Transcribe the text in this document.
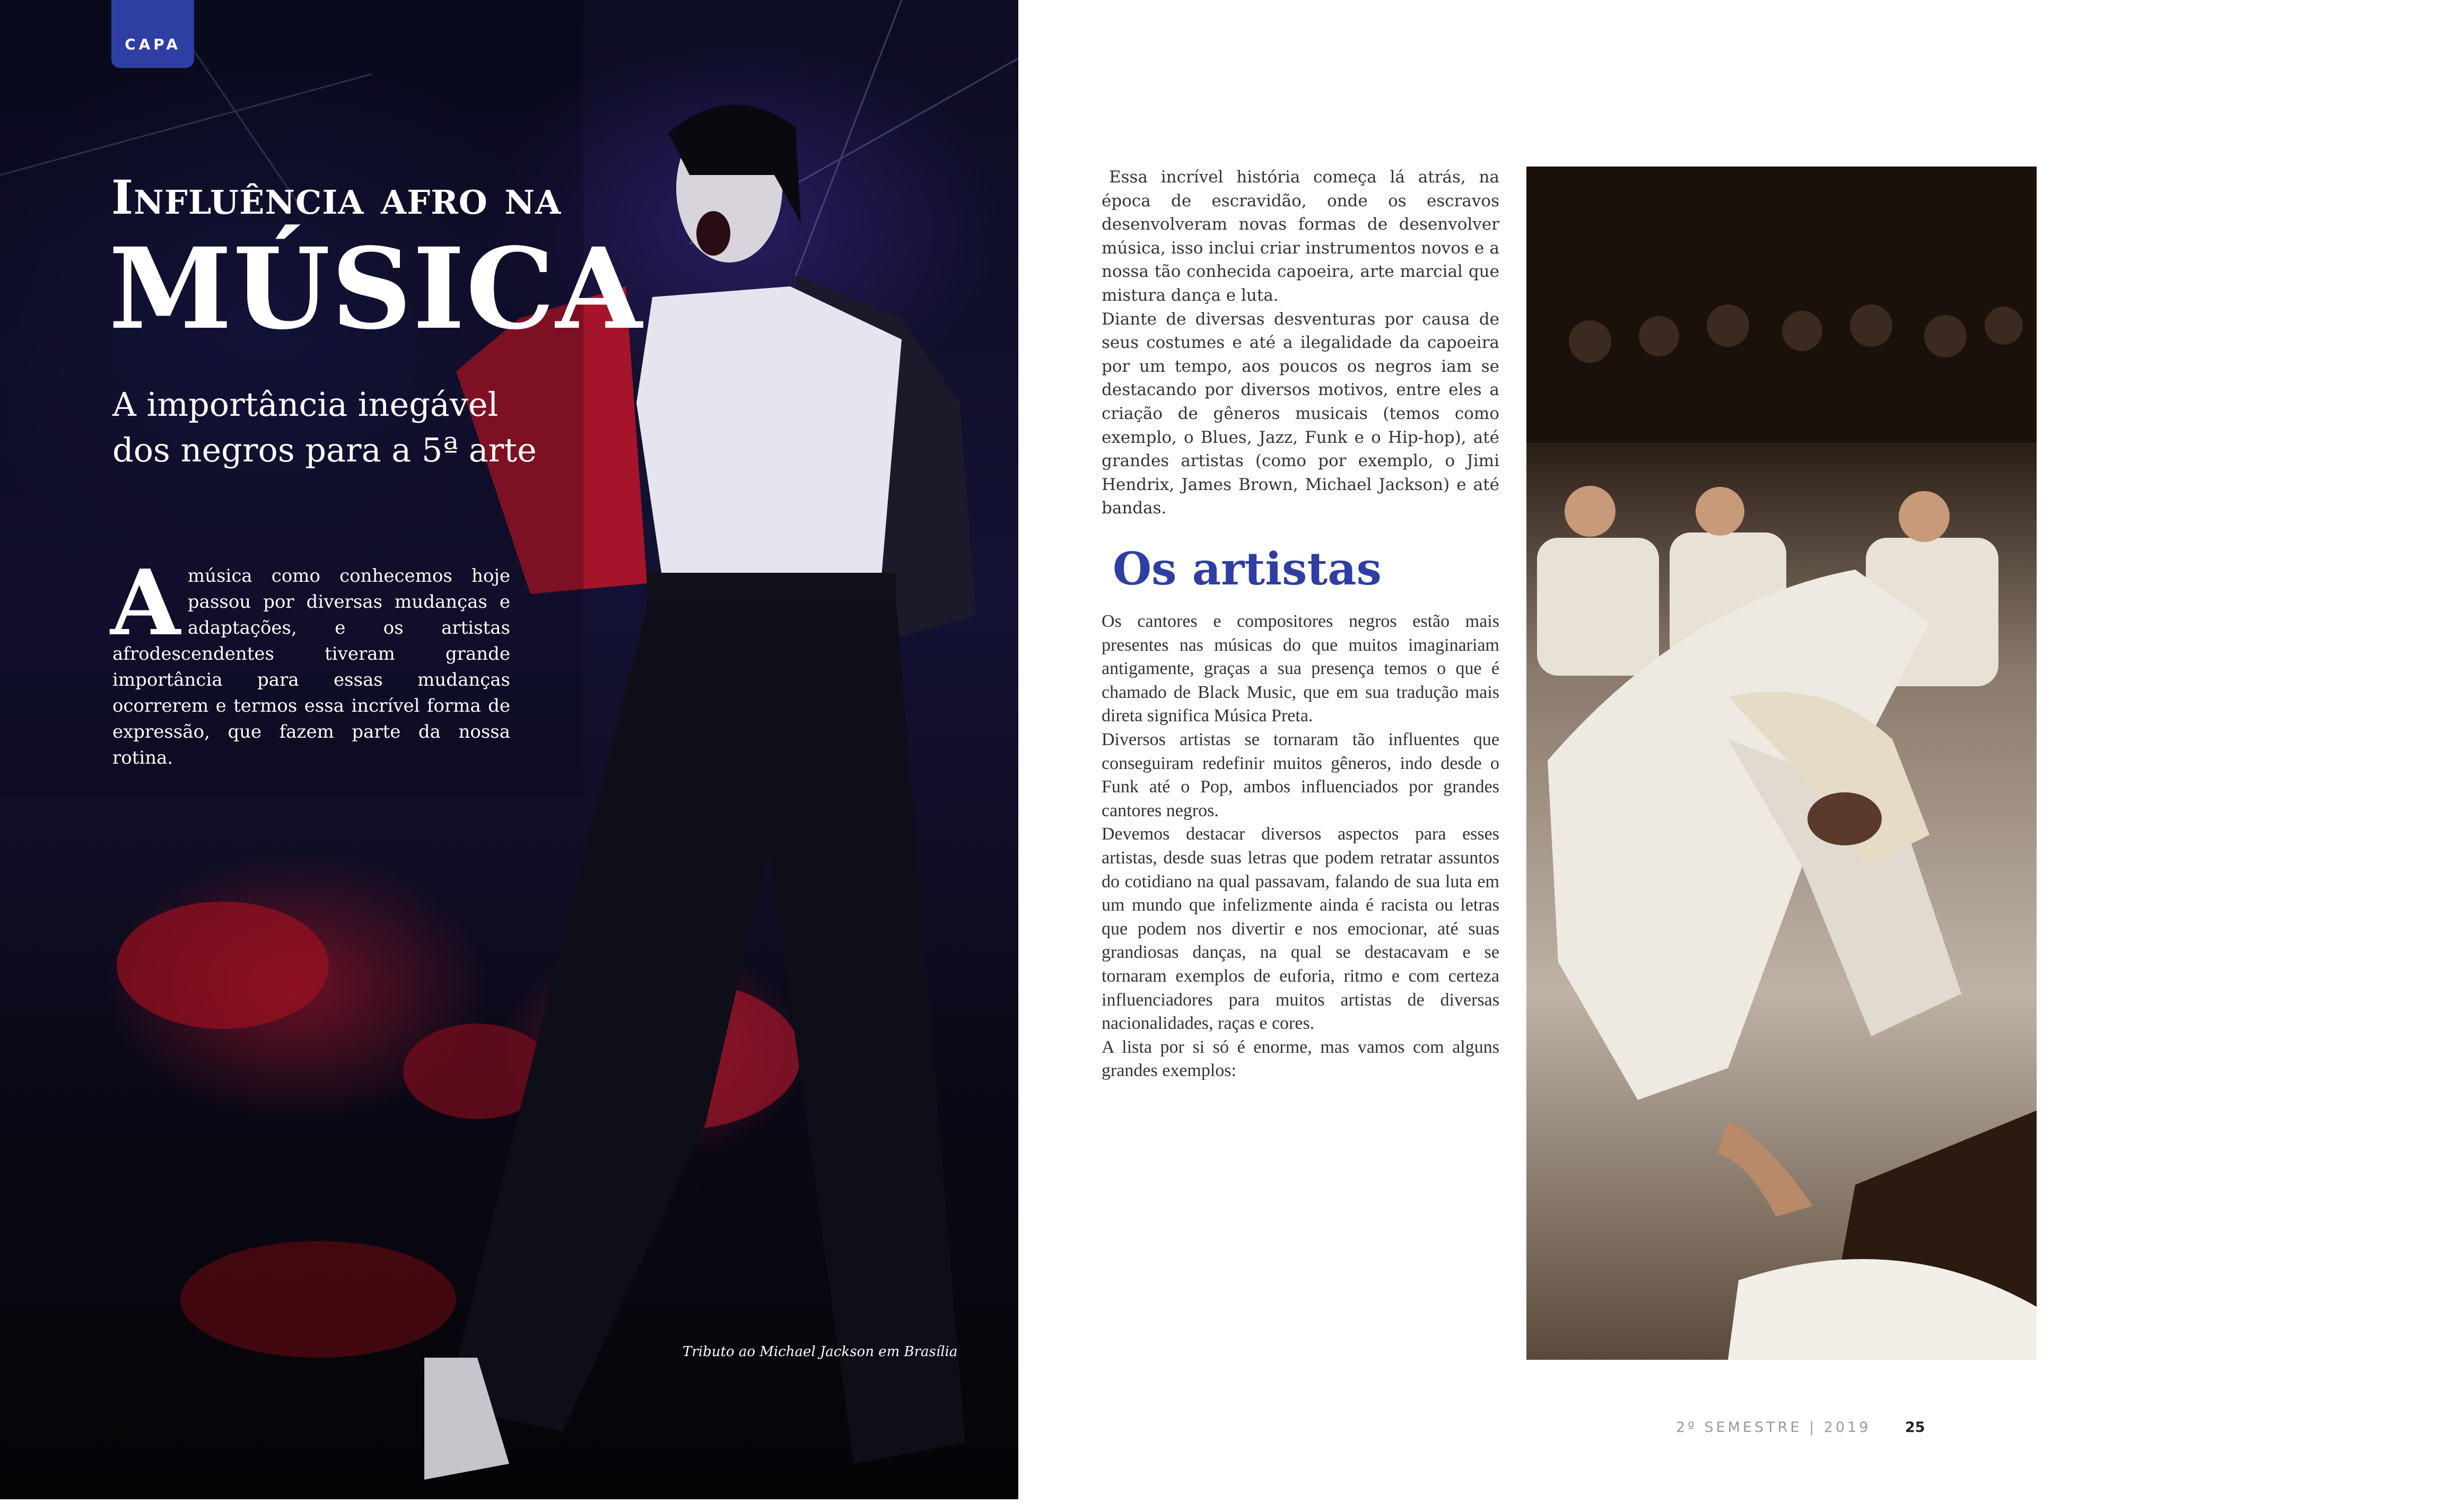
CAPA
Influência afro na
MÚSICA
A importância inegável dos negros para a 5ª arte
A música como conhecemos hoje passou por diversas mudanças e adaptações, e os artistas afrodescendentes tiveram grande importância para essas mudanças ocorrerem e termos essa incrível forma de expressão, que fazem parte da nossa rotina.
Tributo ao Michael Jackson em Brasília

Essa incrível história começa lá atrás, na época de escravidão, onde os escravos desenvolveram novas formas de desenvolver música, isso inclui criar instrumentos novos e a nossa tão conhecida capoeira, arte marcial que mistura dança e luta.

Diante de diversas desventuras por causa de seus costumes e até a ilegalidade da capoeira por um tempo, aos poucos os negros iam se destacando por diversos motivos, entre eles a criação de gêneros musicais (temos como exemplo, o Blues, Jazz, Funk e o Hip-hop), até grandes artistas (como por exemplo, o Jimi Hendrix, James Brown, Michael Jackson) e até bandas.

Os artistas

Os cantores e compositores negros estão mais presentes nas músicas do que muitos imaginariam antigamente, graças a sua presença temos o que é chamado de Black Music, que em sua tradução mais direta significa Música Preta.

Diversos artistas se tornaram tão influentes que conseguiram redefinir muitos gêneros, indo desde o Funk até o Pop, ambos influenciados por grandes cantores negros.

Devemos destacar diversos aspectos para esses artistas, desde suas letras que podem retratar assuntos do cotidiano na qual passavam, falando de sua luta em um mundo que infelizmente ainda é racista ou letras que podem nos divertir e nos emocionar, até suas grandiosas danças, na qual se destacavam e se tornaram exemplos de euforia, ritmo e com certeza influenciadores para muitos artistas de diversas nacionalidades, raças e cores.

A lista por si só é enorme, mas vamos com alguns grandes exemplos:

Evento de capoeiristas em Cuiaba
2º SEMESTRE | 2019 25
